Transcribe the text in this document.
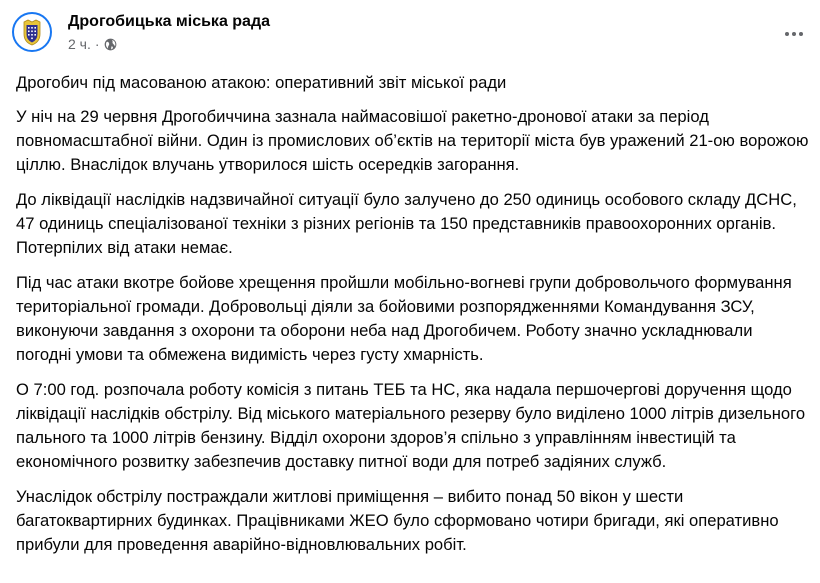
Дрогобицька міська рада
2 ч. ·

Дрогобич під масованою атакою: оперативний звіт міської ради

У ніч на 29 червня Дрогобиччина зазнала наймасовішої ракетно-дронової атаки за період повномасштабної війни. Один із промислових об’єктів на території міста був уражений 21-ою ворожою ціллю. Внаслідок влучань утворилося шість осередків загорання.

До ліквідації наслідків надзвичайної ситуації було залучено до 250 одиниць особового складу ДСНС, 47 одиниць спеціалізованої техніки з різних регіонів та 150 представників правоохоронних органів. Потерпілих від атаки немає.

Під час атаки вкотре бойове хрещення пройшли мобільно-вогневі групи добровольчого формування територіальної громади. Добровольці діяли за бойовими розпорядженнями Командування ЗСУ, виконуючи завдання з охорони та оборони неба над Дрогобичем. Роботу значно ускладнювали погодні умови та обмежена видимість через густу хмарність.

О 7:00 год. розпочала роботу комісія з питань ТЕБ та НС, яка надала першочергові доручення щодо ліквідації наслідків обстрілу. Від міського матеріального резерву було виділено 1000 літрів дизельного пального та 1000 літрів бензину. Відділ охорони здоров’я спільно з управлінням інвестицій та економічного розвитку забезпечив доставку питної води для потреб задіяних служб.

Унаслідок обстрілу постраждали житлові приміщення – вибито понад 50 вікон у шести багатоквартирних будинках. Працівниками ЖЕО було сформовано чотири бригади, які оперативно прибули для проведення аварійно-відновлювальних робіт.
